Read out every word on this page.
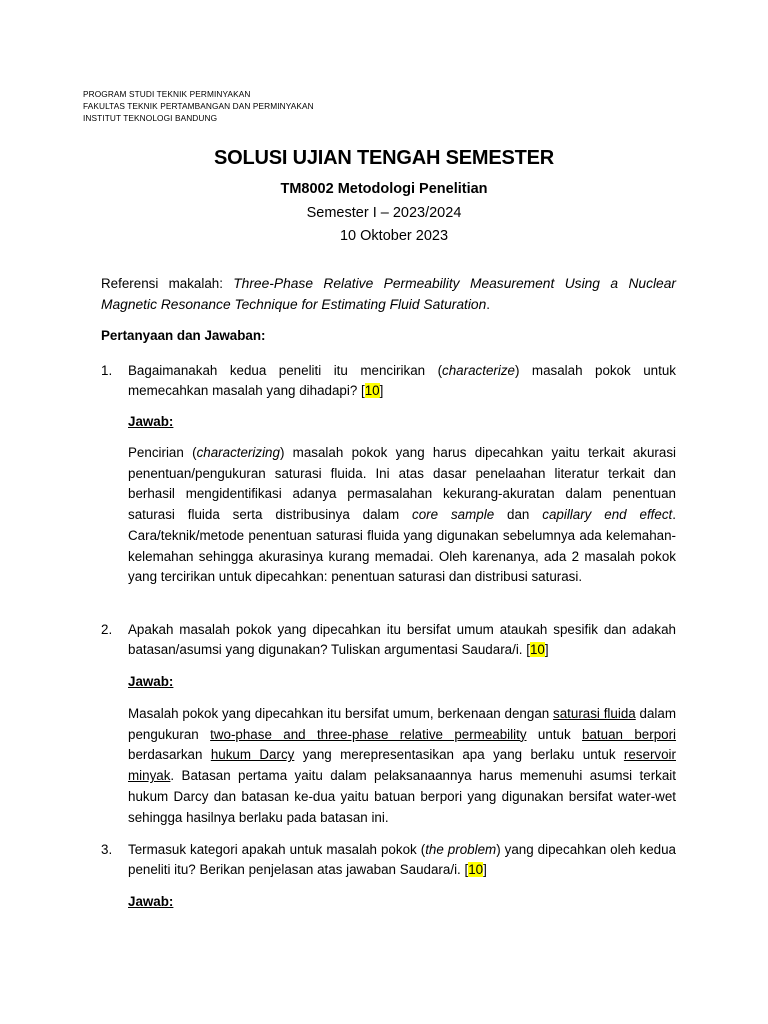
PROGRAM STUDI TEKNIK PERMINYAKAN
FAKULTAS TEKNIK PERTAMBANGAN DAN PERMINYAKAN
INSTITUT TEKNOLOGI BANDUNG
SOLUSI UJIAN TENGAH SEMESTER
TM8002 Metodologi Penelitian
Semester I – 2023/2024
10 Oktober 2023
Referensi makalah: Three-Phase Relative Permeability Measurement Using a Nuclear Magnetic Resonance Technique for Estimating Fluid Saturation.
Pertanyaan dan Jawaban:
1. Bagaimanakah kedua peneliti itu mencirikan (characterize) masalah pokok untuk memecahkan masalah yang dihadapi? [10]
Jawab:
Pencirian (characterizing) masalah pokok yang harus dipecahkan yaitu terkait akurasi penentuan/pengukuran saturasi fluida. Ini atas dasar penelaahan literatur terkait dan berhasil mengidentifikasi adanya permasalahan kekurang-akuratan dalam penentuan saturasi fluida serta distribusinya dalam core sample dan capillary end effect. Cara/teknik/metode penentuan saturasi fluida yang digunakan sebelumnya ada kelemahan-kelemahan sehingga akurasinya kurang memadai. Oleh karenanya, ada 2 masalah pokok yang tercirikan untuk dipecahkan: penentuan saturasi dan distribusi saturasi.
2. Apakah masalah pokok yang dipecahkan itu bersifat umum ataukah spesifik dan adakah batasan/asumsi yang digunakan? Tuliskan argumentasi Saudara/i. [10]
Jawab:
Masalah pokok yang dipecahkan itu bersifat umum, berkenaan dengan saturasi fluida dalam pengukuran two-phase and three-phase relative permeability untuk batuan berpori berdasarkan hukum Darcy yang merepresentasikan apa yang berlaku untuk reservoir minyak. Batasan pertama yaitu dalam pelaksanaannya harus memenuhi asumsi terkait hukum Darcy dan batasan ke-dua yaitu batuan berpori yang digunakan bersifat water-wet sehingga hasilnya berlaku pada batasan ini.
3. Termasuk kategori apakah untuk masalah pokok (the problem) yang dipecahkan oleh kedua peneliti itu? Berikan penjelasan atas jawaban Saudara/i. [10]
Jawab:
